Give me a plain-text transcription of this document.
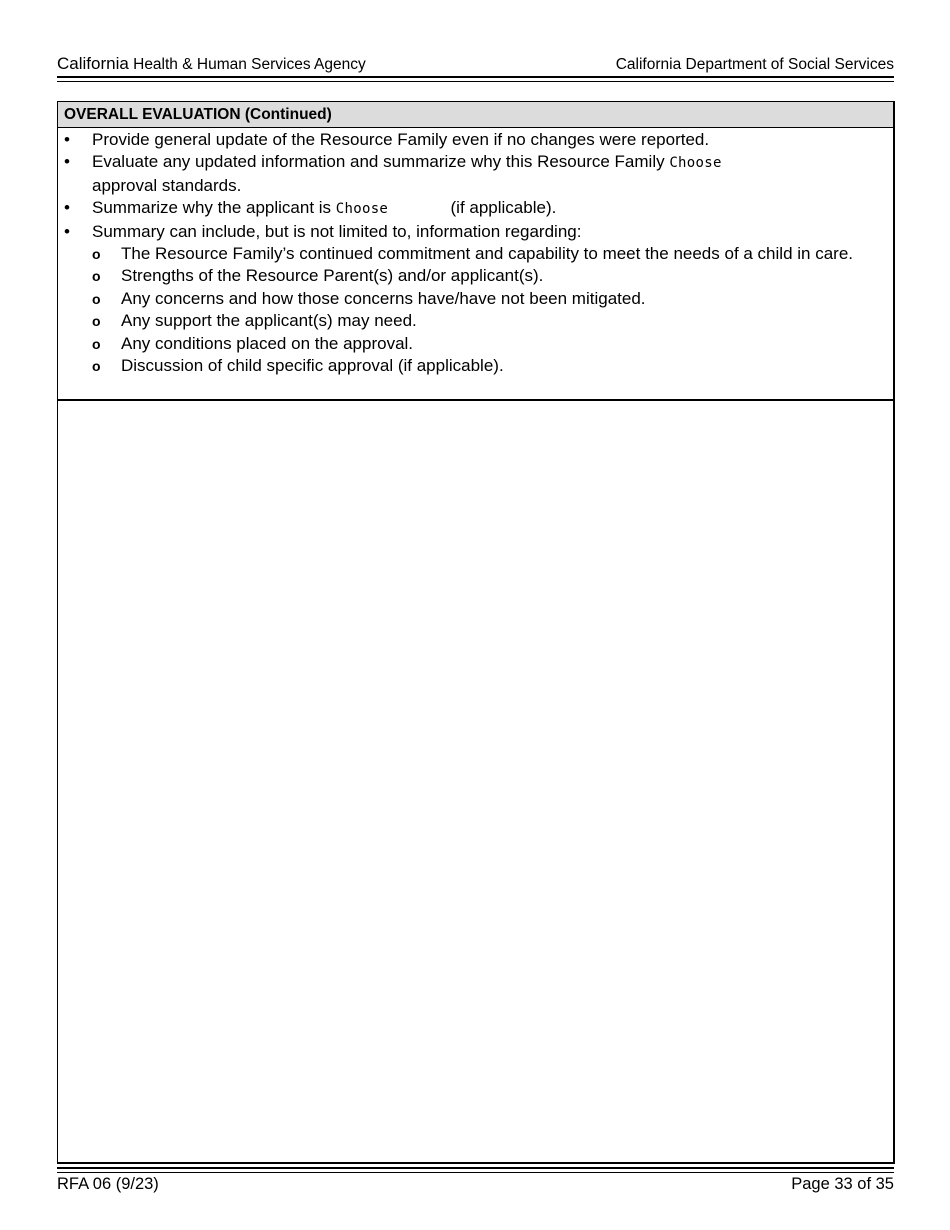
California Health & Human Services Agency	California Department of Social Services
OVERALL EVALUATION (Continued)
•	Provide general update of the Resource Family even if no changes were reported.
•	Evaluate any updated information and summarize why this Resource Family Choose
approval standards.
•	Summarize why the applicant is Choose	(if applicable).
•	Summary can include, but is not limited to, information regarding:
o	The Resource Family’s continued commitment and capability to meet the needs of a child in care.
o	Strengths of the Resource Parent(s) and/or applicant(s).
o	Any concerns and how those concerns have/have not been mitigated.
o	Any support the applicant(s) may need.
o	Any conditions placed on the approval.
o	Discussion of child specific approval (if applicable).
RFA 06 (9/23)	Page 33 of 35
